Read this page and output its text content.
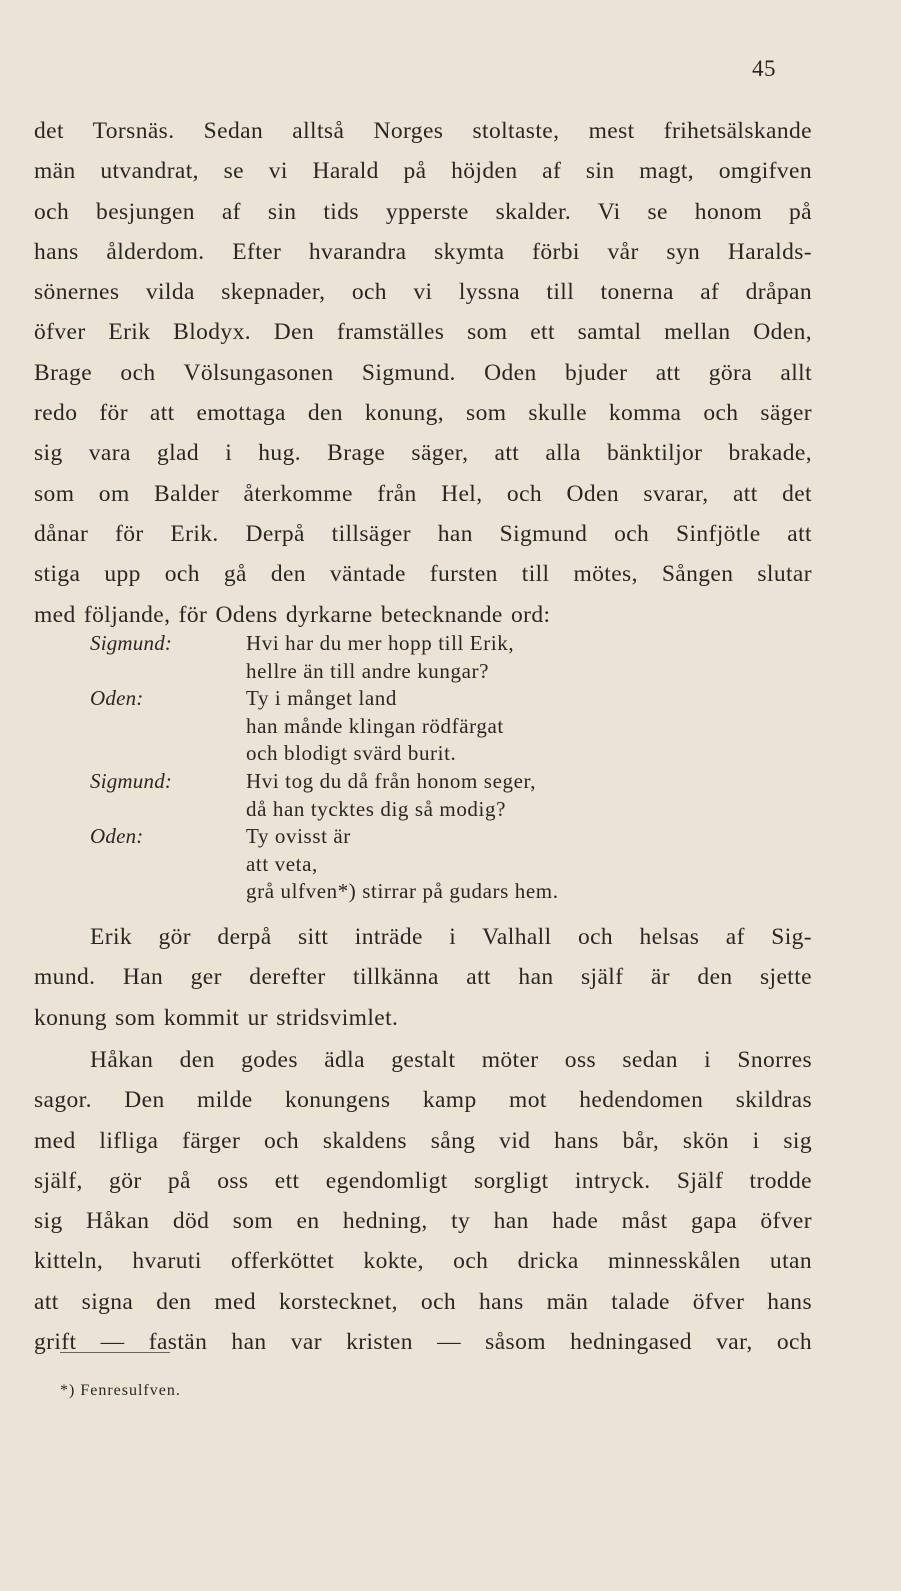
45
det Torsnäs. Sedan alltså Norges stoltaste, mest frihetsälskande
män utvandrat, se vi Harald på höjden af sin magt, omgifven
och besjungen af sin tids ypperste skalder. Vi se honom på
hans ålderdom. Efter hvarandra skymta förbi vår syn Haralds-
sönernes vilda skepnader, och vi lyssna till tonerna af dråpan
öfver Erik Blodyx. Den framställes som ett samtal mellan Oden,
Brage och Völsungasonen Sigmund. Oden bjuder att göra allt
redo för att emottaga den konung, som skulle komma och säger
sig vara glad i hug. Brage säger, att alla bänktiljor brakade,
som om Balder återkomme från Hel, och Oden svarar, att det
dånar för Erik. Derpå tillsäger han Sigmund och Sinfjötle att
stiga upp och gå den väntade fursten till mötes, Sången slutar
med följande, för Odens dyrkarne betecknande ord:
Sigmund:	Hvi har du mer hopp till Erik,
hellre än till andre kungar?
Oden:	Ty i månget land
han månde klingan rödfärgat
och blodigt svärd burit.
Sigmund:	Hvi tog du då från honom seger,
då han tycktes dig så modig?
Oden:	Ty ovisst är
att veta,
grå ulfven*) stirrar på gudars hem.
Erik gör derpå sitt inträde i Valhall och helsas af Sig-
mund. Han ger derefter tillkänna att han själf är den sjette
konung som kommit ur stridsvimlet.
Håkan den godes ädla gestalt möter oss sedan i Snorres
sagor. Den milde konungens kamp mot hedendomen skildras
med lifliga färger och skaldens sång vid hans bår, skön i sig
själf, gör på oss ett egendomligt sorgligt intryck. Själf trodde
sig Håkan död som en hedning, ty han hade måst gapa öfver
kitteln, hvaruti offerköttet kokte, och dricka minnesskålen utan
att signa den med korstecknet, och hans män talade öfver hans
grift — fastän han var kristen — såsom hedningased var, och
*) Fenresulfven.
